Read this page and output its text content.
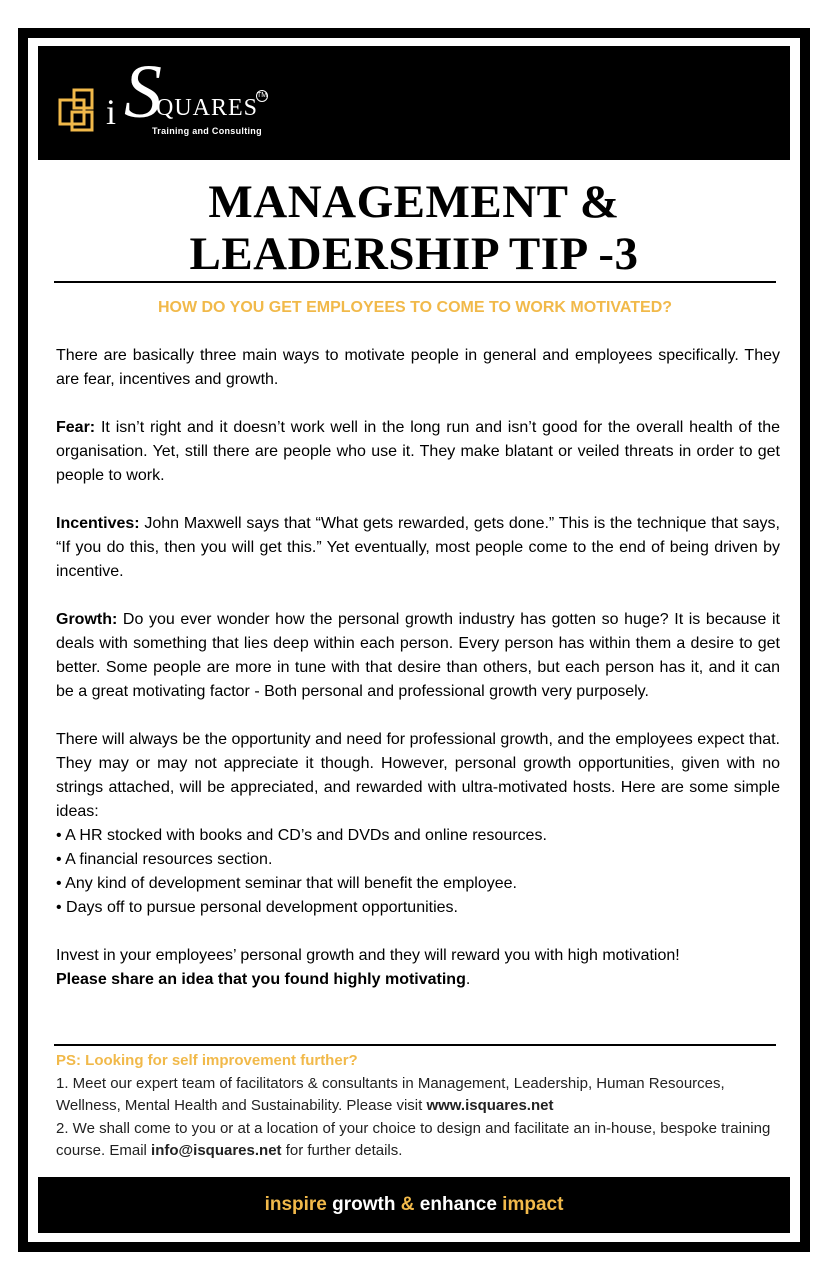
i S
QUARES
TM
Training and Consulting
MANAGEMENT &
LEADERSHIP TIP -3
HOW DO YOU GET EMPLOYEES TO COME TO WORK MOTIVATED?

There are basically three main ways to motivate people in general and employees specifically. They are fear, incentives and growth.

Fear: It isn’t right and it doesn’t work well in the long run and isn’t good for the overall health of the organisation. Yet, still there are people who use it. They make blatant or veiled threats in order to get people to work.

Incentives: John Maxwell says that “What gets rewarded, gets done.” This is the technique that says, “If you do this, then you will get this.” Yet eventually, most people come to the end of being driven by incentive.

Growth: Do you ever wonder how the personal growth industry has gotten so huge? It is because it deals with something that lies deep within each person. Every person has within them a desire to get better. Some people are more in tune with that desire than others, but each person has it, and it can be a great motivating factor - Both personal and professional growth very purposely.

There will always be the opportunity and need for professional growth, and the employees expect that. They may or may not appreciate it though. However, personal growth opportunities, given with no strings attached, will be appreciated, and rewarded with ultra-motivated hosts. Here are some simple ideas:

• A HR stocked with books and CD’s and DVDs and online resources.
• A financial resources section.
• Any kind of development seminar that will benefit the employee.
• Days off to pursue personal development opportunities.

Invest in your employees’ personal growth and they will reward you with high motivation!
Please share an idea that you found highly motivating.

PS: Looking for self improvement further?

1. Meet our expert team of facilitators & consultants in Management, Leadership, Human Resources, Wellness, Mental Health and Sustainability. Please visit www.isquares.net

2. We shall come to you or at a location of your choice to design and facilitate an in-house, bespoke training course. Email info@isquares.net for further details.

inspire growth & enhance impact
